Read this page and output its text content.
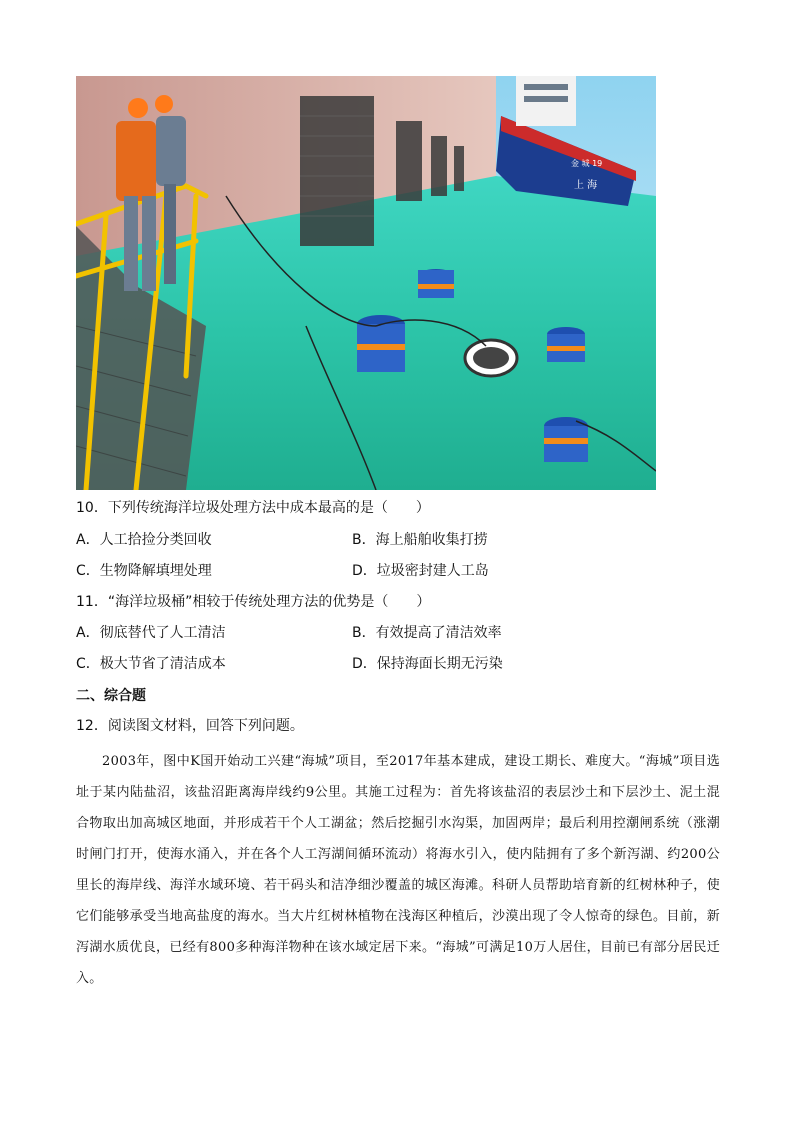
金 城 19
上 海
10．下列传统海洋垃圾处理方法中成本最高的是（　　）
A．人工拾捡分类回收	B．海上船舶收集打捞
C．生物降解填埋处理	D．垃圾密封建人工岛
11．“海洋垃圾桶”相较于传统处理方法的优势是（　　）
A．彻底替代了人工清洁	B．有效提高了清洁效率
C．极大节省了清洁成本	D．保持海面长期无污染
二、综合题
12．阅读图文材料，回答下列问题。
2003年，图中K国开始动工兴建“海城”项目，至2017年基本建成，建设工期长、难度大。“海城”项目选址于某内陆盐沼，该盐沼距离海岸线约9公里。其施工过程为：首先将该盐沼的表层沙土和下层沙土、泥土混合物取出加高城区地面，并形成若干个人工湖盆；然后挖掘引水沟渠，加固两岸；最后利用控潮闸系统（涨潮时闸门打开，使海水涌入，并在各个人工泻湖间循环流动）将海水引入，使内陆拥有了多个新泻湖、约200公里长的海岸线、海洋水域环境、若干码头和洁净细沙覆盖的城区海滩。科研人员帮助培育新的红树林种子，使它们能够承受当地高盐度的海水。当大片红树林植物在浅海区种植后，沙漠出现了令人惊奇的绿色。目前，新泻湖水质优良，已经有800多种海洋物种在该水域定居下来。“海城”可满足10万人居住，目前已有部分居民迁入。
